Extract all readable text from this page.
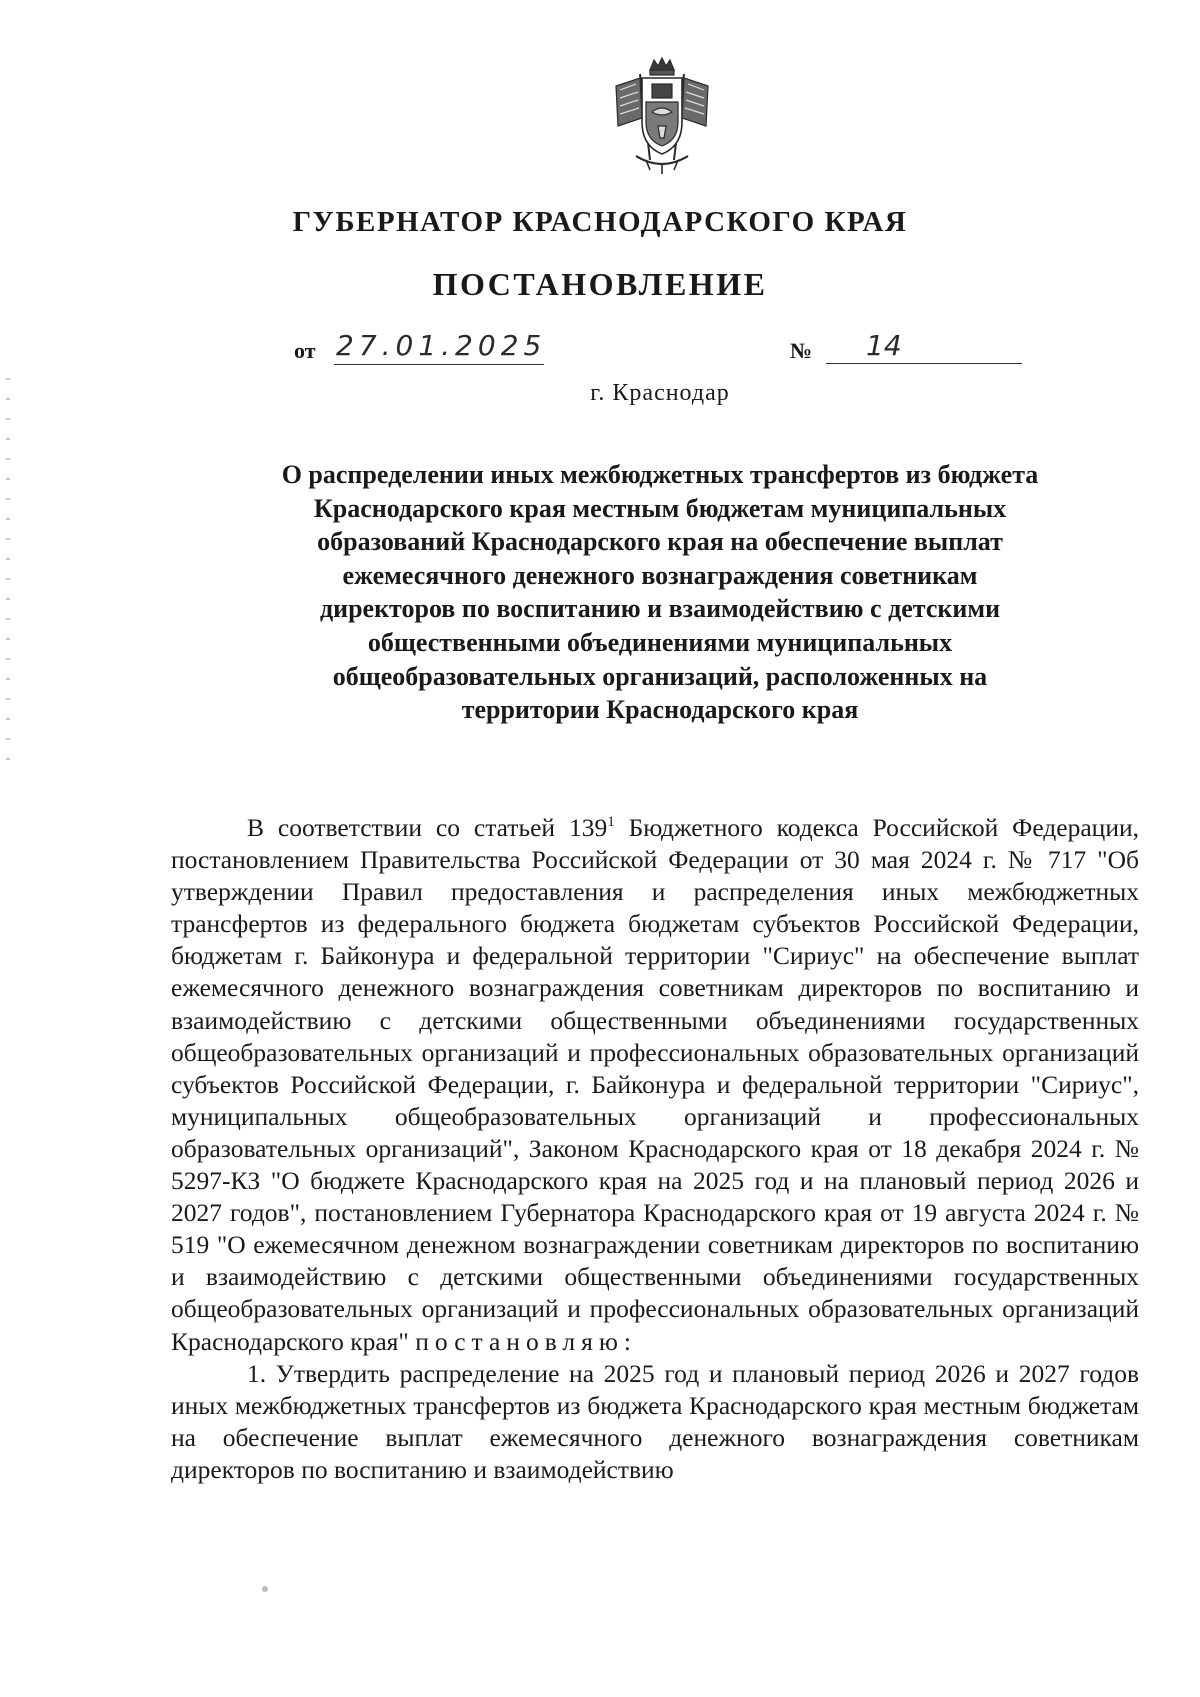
ГУБЕРНАТОР КРАСНОДАРСКОГО КРАЯ
ПОСТАНОВЛЕНИЕ
от 27.01.2025	№	14
г. Краснодар
О распределении иных межбюджетных трансфертов из бюджета Краснодарского края местным бюджетам муниципальных образований Краснодарского края на обеспечение выплат ежемесячного денежного вознаграждения советникам директоров по воспитанию и взаимодействию с детскими общественными объединениями муниципальных общеобразовательных организаций, расположенных на территории Краснодарского края

В соответствии со статьей $139^1$ Бюджетного кодекса Российской Федерации, постановлением Правительства Российской Федерации от 30 мая 2024 г. № 717 "Об утверждении Правил предоставления и распределения иных межбюджетных трансфертов из федерального бюджета бюджетам субъектов Российской Федерации, бюджетам г. Байконура и федеральной территории "Сириус" на обеспечение выплат ежемесячного денежного вознаграждения советникам директоров по воспитанию и взаимодействию с детскими общественными объединениями государственных общеобразовательных организаций и профессиональных образовательных организаций субъектов Российской Федерации, г. Байконура и федеральной территории "Сириус", муниципальных общеобразовательных организаций и профессиональных образовательных организаций", Законом Краснодарского края от 18 декабря 2024 г. № 5297-КЗ "О бюджете Краснодарского края на 2025 год и на плановый период 2026 и 2027 годов", постановлением Губернатора Краснодарского края от 19 августа 2024 г. № 519 "О ежемесячном денежном вознаграждении советникам директоров по воспитанию и взаимодействию с детскими общественными объединениями государственных общеобразовательных организаций и профессиональных образовательных организаций Краснодарского края" постановляю:

1. Утвердить распределение на 2025 год и плановый период 2026 и 2027 годов иных межбюджетных трансфертов из бюджета Краснодарского края местным бюджетам на обеспечение выплат ежемесячного денежного вознаграждения советникам директоров по воспитанию и взаимодействию
